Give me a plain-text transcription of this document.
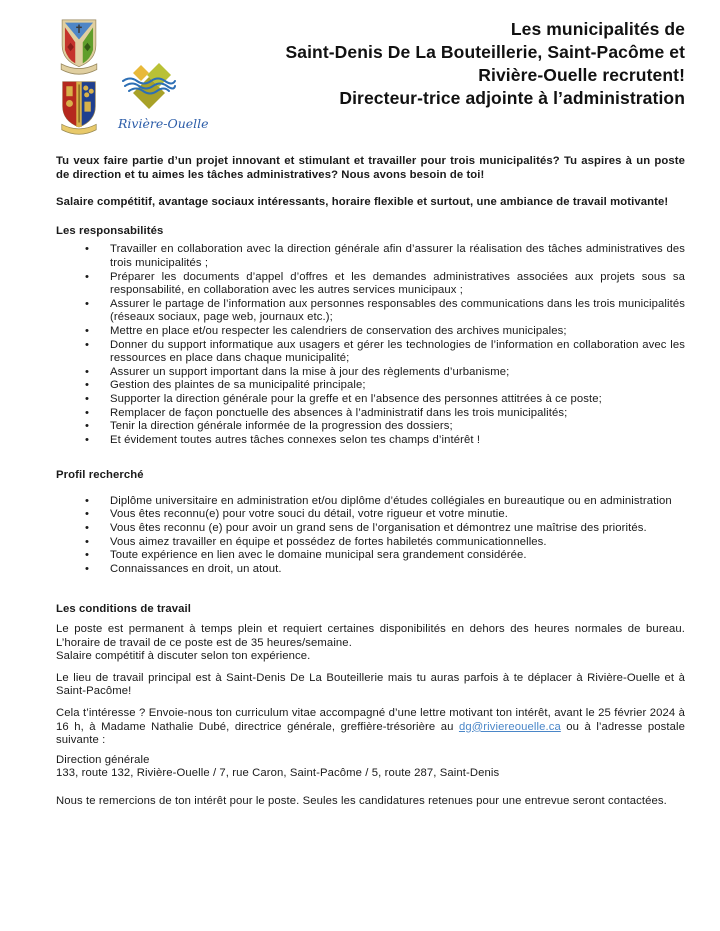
Rivière-Ouelle
Les municipalités de
Saint-Denis De La Bouteillerie, Saint-Pacôme et
Rivière-Ouelle recrutent!
Directeur-trice adjointe à l’administration

Tu veux faire partie d’un projet innovant et stimulant et travailler pour trois municipalités? Tu aspires à un poste de direction et tu aimes les tâches administratives? Nous avons besoin de toi!

Salaire compétitif, avantage sociaux intéressants, horaire flexible et surtout, une ambiance de travail motivante!

Les responsabilités
• Travailler en collaboration avec la direction générale afin d’assurer la réalisation des tâches administratives des trois municipalités ;
• Préparer les documents d’appel d’offres et les demandes administratives associées aux projets sous sa responsabilité, en collaboration avec les autres services municipaux ;
• Assurer le partage de l’information aux personnes responsables des communications dans les trois municipalités (réseaux sociaux, page web, journaux etc.);
• Mettre en place et/ou respecter les calendriers de conservation des archives municipales;
• Donner du support informatique aux usagers et gérer les technologies de l’information en collaboration avec les ressources en place dans chaque municipalité;
• Assurer un support important dans la mise à jour des règlements d’urbanisme;
• Gestion des plaintes de sa municipalité principale;
• Supporter la direction générale pour la greffe et en l’absence des personnes attitrées à ce poste;
• Remplacer de façon ponctuelle des absences à l’administratif dans les trois municipalités;
• Tenir la direction générale informée de la progression des dossiers;
• Et évidement toutes autres tâches connexes selon tes champs d’intérêt !
Profil recherché
• Diplôme universitaire en administration et/ou diplôme d’études collégiales en bureautique ou en administration
• Vous êtes reconnu(e) pour votre souci du détail, votre rigueur et votre minutie.
• Vous êtes reconnu (e) pour avoir un grand sens de l’organisation et démontrez une maîtrise des priorités.
• Vous aimez travailler en équipe et possédez de fortes habiletés communicationnelles.
• Toute expérience en lien avec le domaine municipal sera grandement considérée.
• Connaissances en droit, un atout.
Les conditions de travail
Le poste est permanent à temps plein et requiert certaines disponibilités en dehors des heures normales de bureau. L’horaire de travail de ce poste est de 35 heures/semaine.
Salaire compétitif à discuter selon ton expérience.

Le lieu de travail principal est à Saint-Denis De La Bouteillerie mais tu auras parfois à te déplacer à Rivière-Ouelle et à Saint-Pacôme!

Cela t’intéresse ? Envoie-nous ton curriculum vitae accompagné d’une lettre motivant ton intérêt, avant le 25 février 2024 à 16 h, à Madame Nathalie Dubé, directrice générale, greffière-trésorière au dg@riviereouelle.ca ou à l’adresse postale suivante :

Direction générale
133, route 132, Rivière-Ouelle / 7, rue Caron, Saint-Pacôme / 5, route 287, Saint-Denis

Nous te remercions de ton intérêt pour le poste. Seules les candidatures retenues pour une entrevue seront contactées.
